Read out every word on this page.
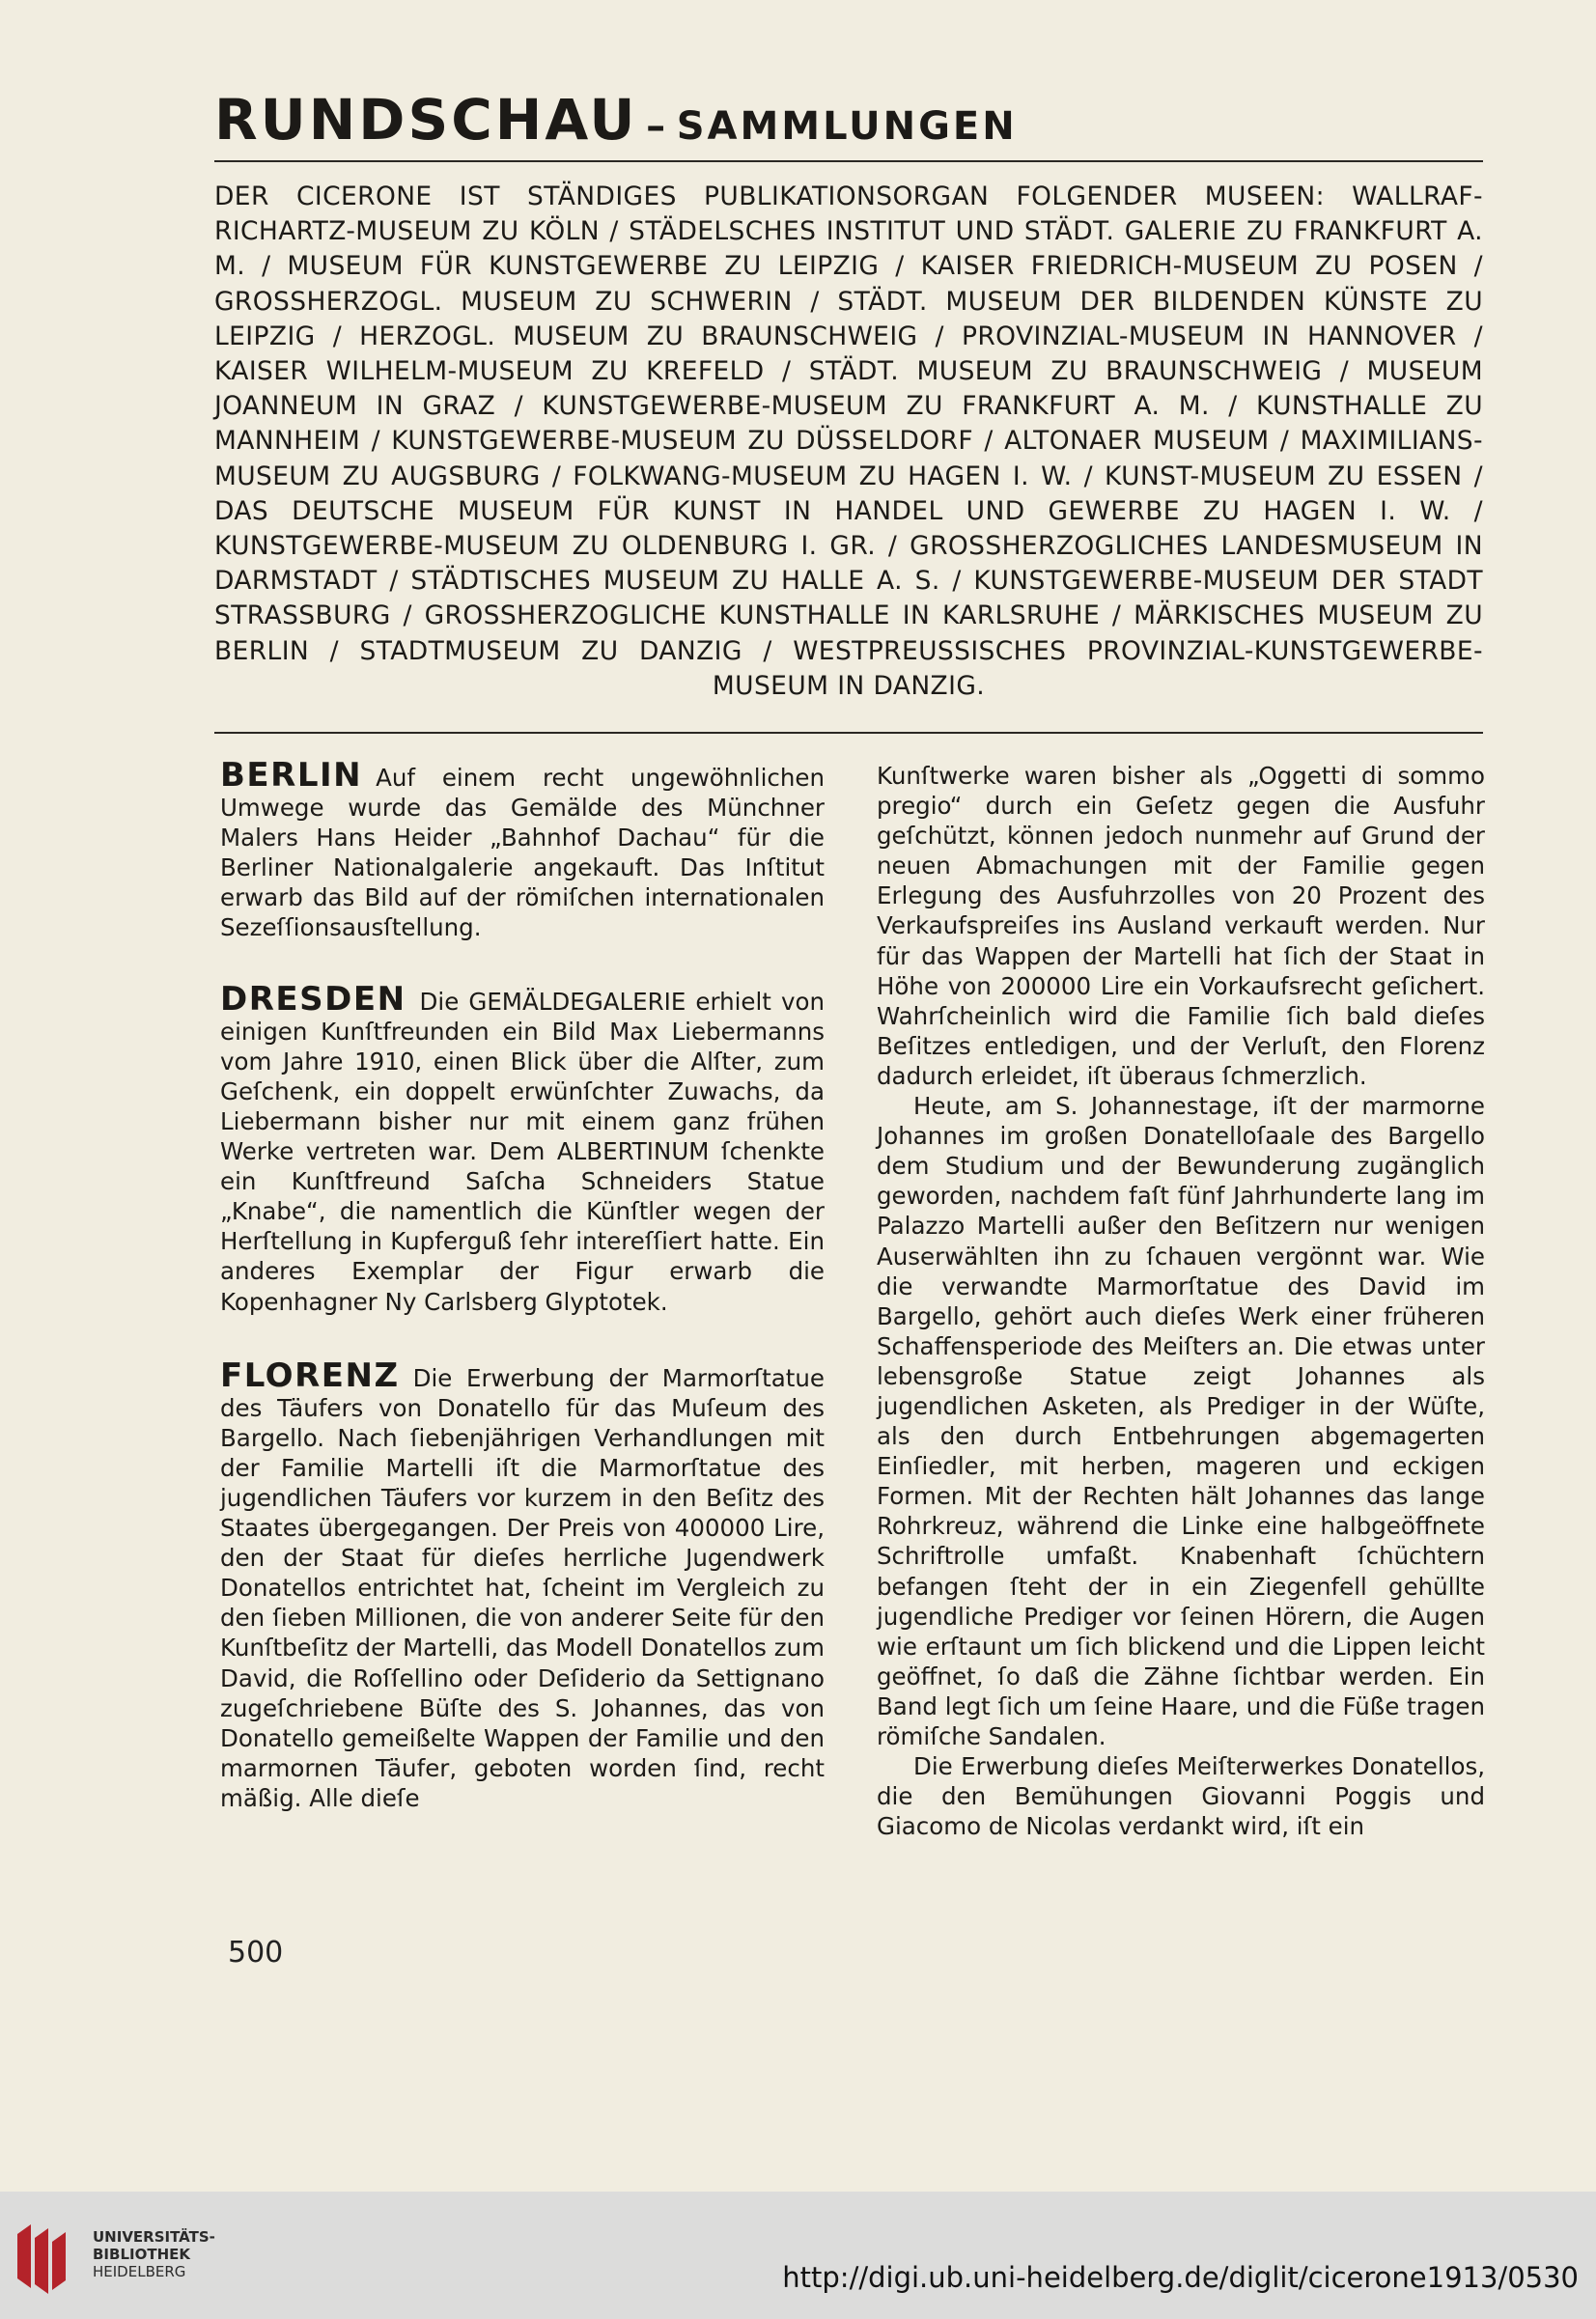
RUNDSCHAU – SAMMLUNGEN
DER CICERONE IST STÄNDIGES PUBLIKATIONSORGAN FOLGENDER MUSEEN: WALLRAF-RICHARTZ-MUSEUM ZU KÖLN / STÄDELSCHES INSTITUT UND STÄDT. GALERIE ZU FRANKFURT A. M. / MUSEUM FÜR KUNSTGEWERBE ZU LEIPZIG / KAISER FRIEDRICH-MUSEUM ZU POSEN / GROSSHERZOGL. MUSEUM ZU SCHWERIN / STÄDT. MUSEUM DER BILDENDEN KÜNSTE ZU LEIPZIG / HERZOGL. MUSEUM ZU BRAUNSCHWEIG / PROVINZIAL-MUSEUM IN HANNOVER / KAISER WILHELM-MUSEUM ZU KREFELD / STÄDT. MUSEUM ZU BRAUNSCHWEIG / MUSEUM JOANNEUM IN GRAZ / KUNSTGEWERBE-MUSEUM ZU FRANKFURT A. M. / KUNSTHALLE ZU MANNHEIM / KUNSTGEWERBE-MUSEUM ZU DÜSSELDORF / ALTONAER MUSEUM / MAXIMILIANS-MUSEUM ZU AUGSBURG / FOLKWANG-MUSEUM ZU HAGEN I. W. / KUNST-MUSEUM ZU ESSEN / DAS DEUTSCHE MUSEUM FÜR KUNST IN HANDEL UND GEWERBE ZU HAGEN I. W. / KUNSTGEWERBE-MUSEUM ZU OLDENBURG I. GR. / GROSSHERZOGLICHES LANDESMUSEUM IN DARMSTADT / STÄDTISCHES MUSEUM ZU HALLE A. S. / KUNSTGEWERBE-MUSEUM DER STADT STRASSBURG / GROSSHERZOGLICHE KUNSTHALLE IN KARLSRUHE / MÄRKISCHES MUSEUM ZU BERLIN / STADTMUSEUM ZU DANZIG / WESTPREUSSISCHES PROVINZIAL-KUNSTGEWERBE-MUSEUM IN DANZIG.

BERLIN Auf einem recht ungewöhnlichen Umwege wurde das Gemälde des Münchner Malers Hans Heider „Bahnhof Dachau“ für die Berliner Nationalgalerie angekauft. Das Inſtitut erwarb das Bild auf der römiſchen internationalen Sezeſſionsausſtellung.

DRESDEN Die GEMÄLDEGALERIE erhielt von einigen Kunſtfreunden ein Bild Max Liebermanns vom Jahre 1910, einen Blick über die Alſter, zum Geſchenk, ein doppelt erwünſchter Zuwachs, da Liebermann bisher nur mit einem ganz frühen Werke vertreten war. Dem ALBERTINUM ſchenkte ein Kunſtfreund Saſcha Schneiders Statue „Knabe“, die namentlich die Künſtler wegen der Herſtellung in Kupferguß ſehr intereſſiert hatte. Ein anderes Exemplar der Figur erwarb die Kopenhagner Ny Carlsberg Glyptotek.

FLORENZ Die Erwerbung der Marmorſtatue des Täufers von Donatello für das Muſeum des Bargello. Nach ſiebenjährigen Verhandlungen mit der Familie Martelli iſt die Marmorſtatue des jugendlichen Täufers vor kurzem in den Beſitz des Staates übergegangen. Der Preis von 400000 Lire, den der Staat für dieſes herrliche Jugendwerk Donatellos entrichtet hat, ſcheint im Vergleich zu den ſieben Millionen, die von anderer Seite für den Kunſtbeſitz der Martelli, das Modell Donatellos zum David, die Roſſellino oder Deſiderio da Settignano zugeſchriebene Büſte des S. Johannes, das von Donatello gemeißelte Wappen der Familie und den marmornen Täufer, geboten worden ſind, recht mäßig. Alle dieſe

Kunſtwerke waren bisher als „Oggetti di sommo pregio“ durch ein Geſetz gegen die Ausfuhr geſchützt, können jedoch nunmehr auf Grund der neuen Abmachungen mit der Familie gegen Erlegung des Ausfuhrzolles von 20 Prozent des Verkaufspreiſes ins Ausland verkauft werden. Nur für das Wappen der Martelli hat ſich der Staat in Höhe von 200000 Lire ein Vorkaufsrecht geſichert. Wahrſcheinlich wird die Familie ſich bald dieſes Beſitzes entledigen, und der Verluſt, den Florenz dadurch erleidet, iſt überaus ſchmerzlich.

Heute, am S. Johannestage, iſt der marmorne Johannes im großen Donatelloſaale des Bargello dem Studium und der Bewunderung zugänglich geworden, nachdem faſt fünf Jahrhunderte lang im Palazzo Martelli außer den Beſitzern nur wenigen Auserwählten ihn zu ſchauen vergönnt war. Wie die verwandte Marmorſtatue des David im Bargello, gehört auch dieſes Werk einer früheren Schaffensperiode des Meiſters an. Die etwas unter lebensgroße Statue zeigt Johannes als jugendlichen Asketen, als Prediger in der Wüſte, als den durch Entbehrungen abgemagerten Einſiedler, mit herben, mageren und eckigen Formen. Mit der Rechten hält Johannes das lange Rohrkreuz, während die Linke eine halbgeöffnete Schriftrolle umfaßt. Knabenhaft ſchüchtern befangen ſteht der in ein Ziegenfell gehüllte jugendliche Prediger vor ſeinen Hörern, die Augen wie erſtaunt um ſich blickend und die Lippen leicht geöffnet, ſo daß die Zähne ſichtbar werden. Ein Band legt ſich um ſeine Haare, und die Füße tragen römiſche Sandalen.

Die Erwerbung dieſes Meiſterwerkes Donatellos, die den Bemühungen Giovanni Poggis und Giacomo de Nicolas verdankt wird, iſt ein

500
UNIVERSITÄTS-
BIBLIOTHEK
HEIDELBERG	http://digi.ub.uni-heidelberg.de/diglit/cicerone1913/0530
